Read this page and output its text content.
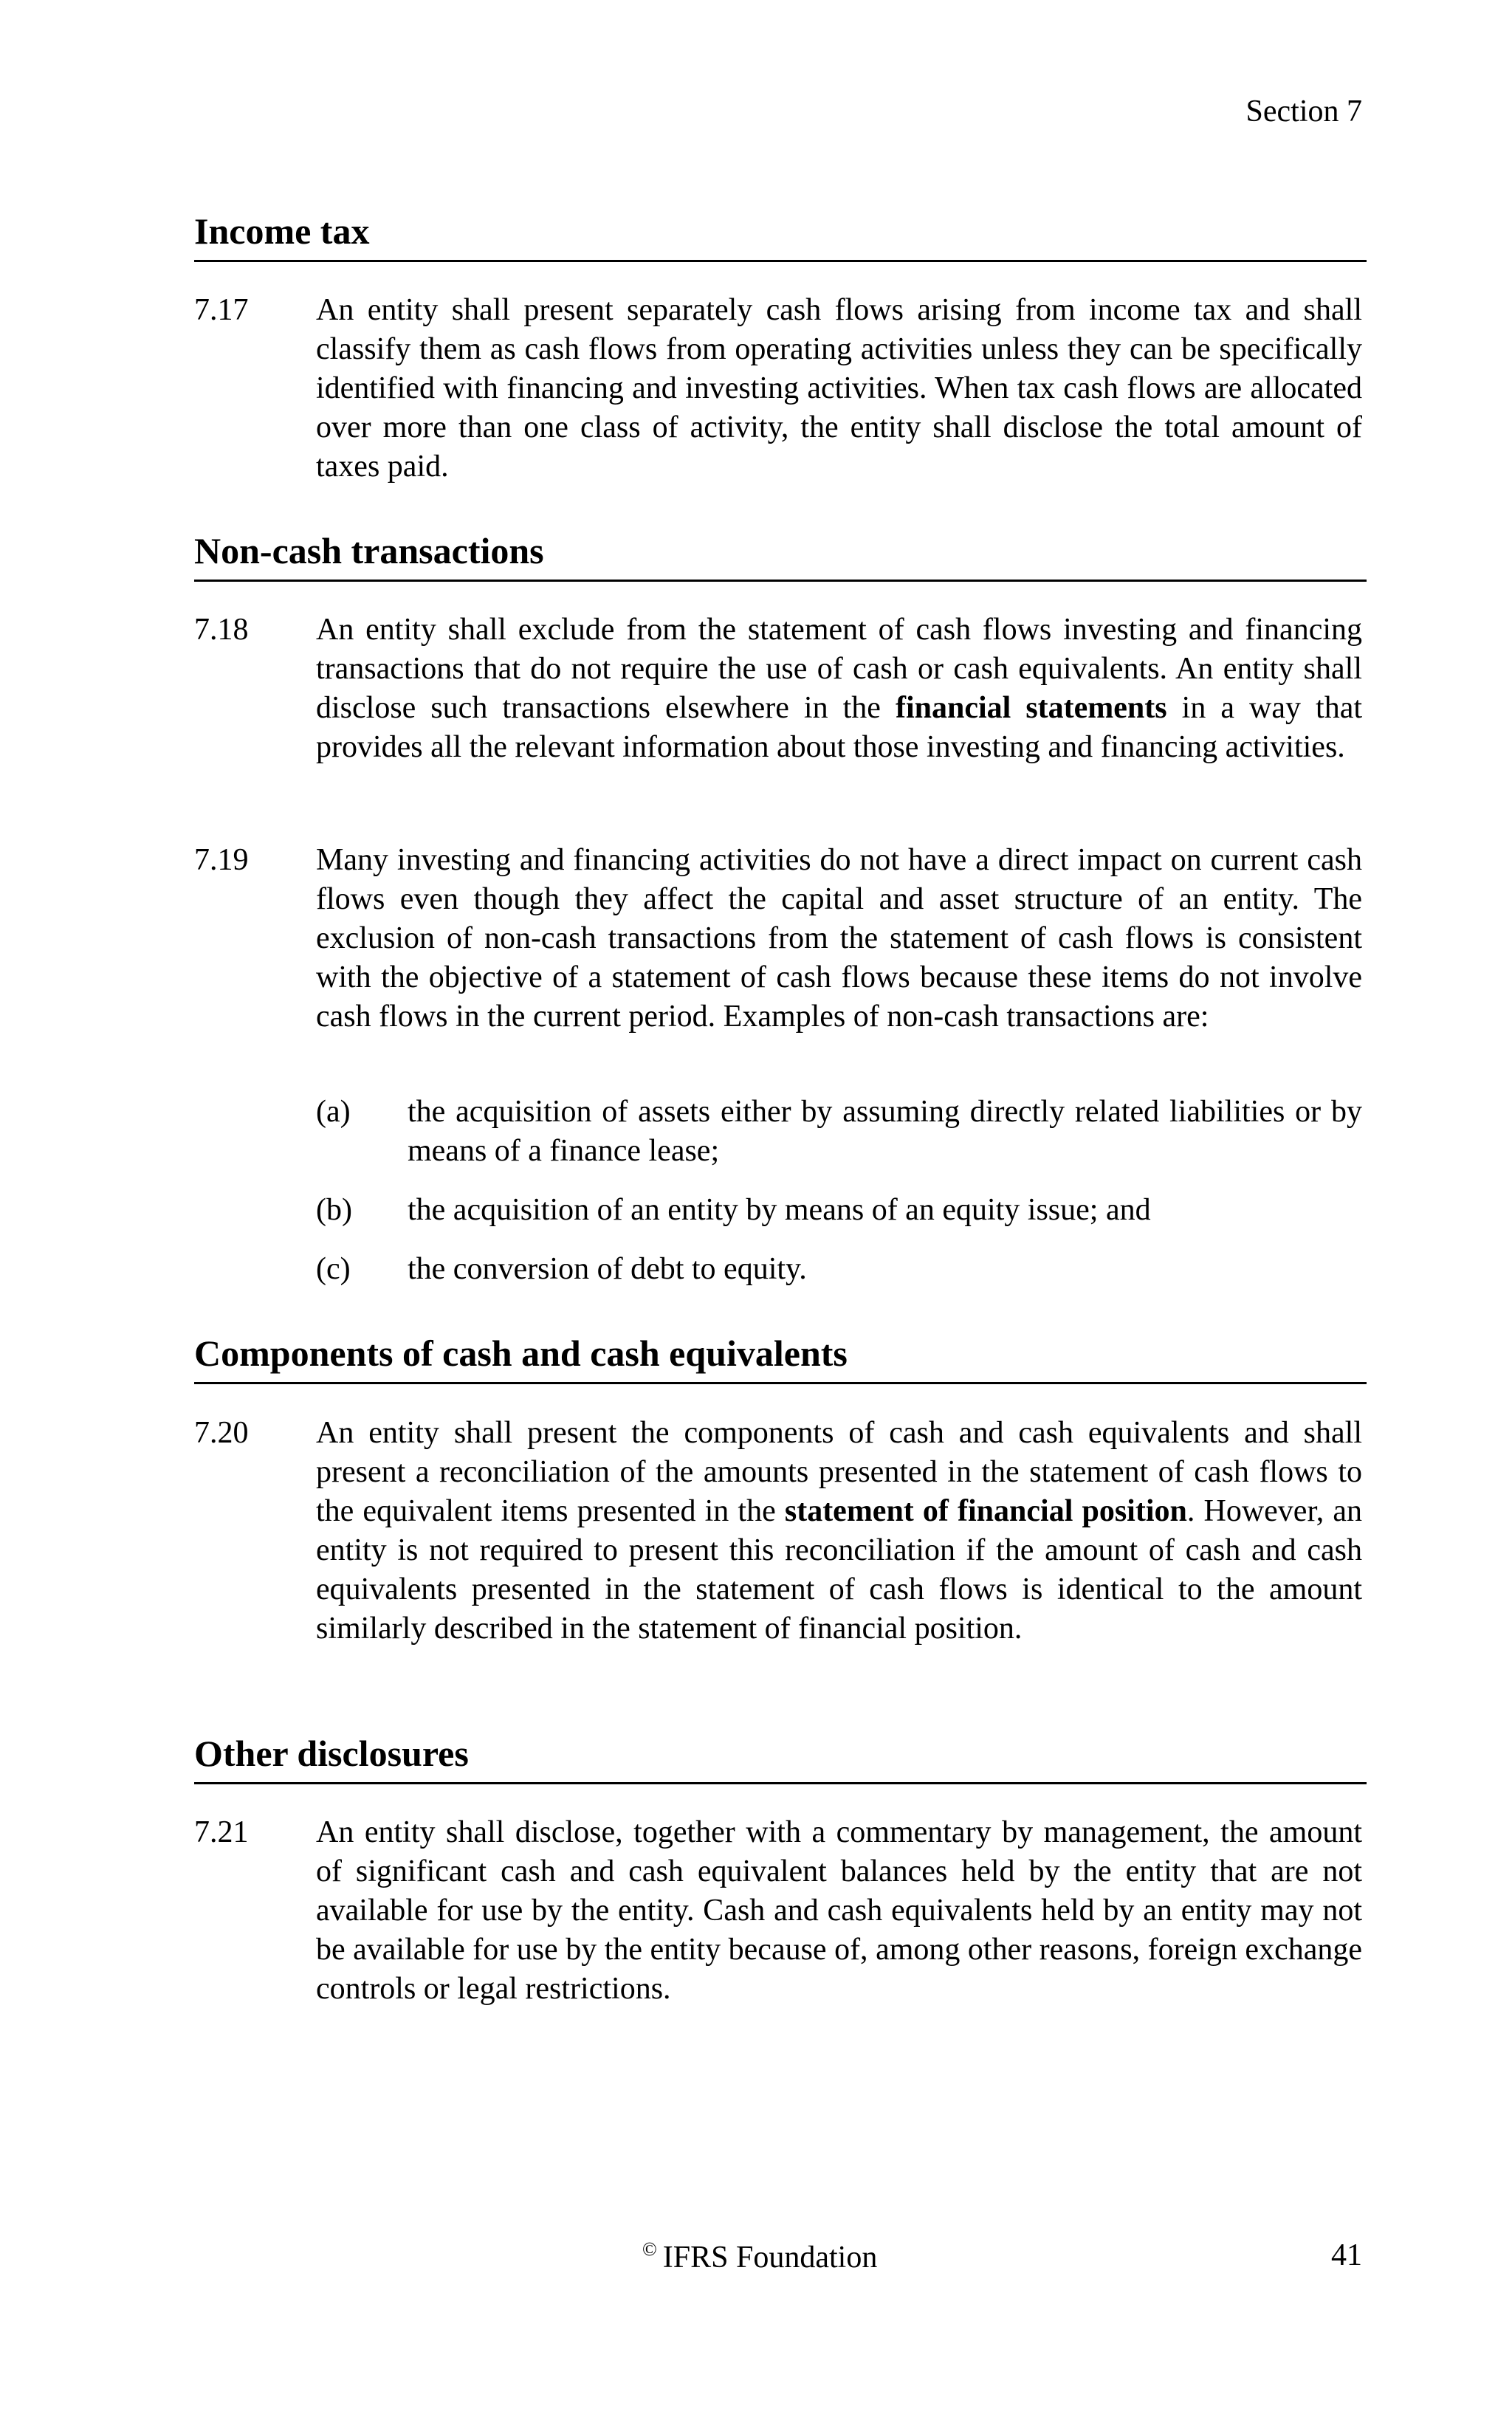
Section 7
Income tax
7.17 An entity shall present separately cash flows arising from income tax and shall classify them as cash flows from operating activities unless they can be specifically identified with financing and investing activities. When tax cash flows are allocated over more than one class of activity, the entity shall disclose the total amount of taxes paid.
Non-cash transactions
7.18 An entity shall exclude from the statement of cash flows investing and financing transactions that do not require the use of cash or cash equivalents. An entity shall disclose such transactions elsewhere in the financial statements in a way that provides all the relevant information about those investing and financing activities.
7.19 Many investing and financing activities do not have a direct impact on current cash flows even though they affect the capital and asset structure of an entity. The exclusion of non-cash transactions from the statement of cash flows is consistent with the objective of a statement of cash flows because these items do not involve cash flows in the current period. Examples of non-cash transactions are:
(a) the acquisition of assets either by assuming directly related liabilities or by means of a finance lease;
(b) the acquisition of an entity by means of an equity issue; and
(c) the conversion of debt to equity.
Components of cash and cash equivalents
7.20 An entity shall present the components of cash and cash equivalents and shall present a reconciliation of the amounts presented in the statement of cash flows to the equivalent items presented in the statement of financial position. However, an entity is not required to present this reconciliation if the amount of cash and cash equivalents presented in the statement of cash flows is identical to the amount similarly described in the statement of financial position.
Other disclosures
7.21 An entity shall disclose, together with a commentary by management, the amount of significant cash and cash equivalent balances held by the entity that are not available for use by the entity. Cash and cash equivalents held by an entity may not be available for use by the entity because of, among other reasons, foreign exchange controls or legal restrictions.
© IFRS Foundation	41
